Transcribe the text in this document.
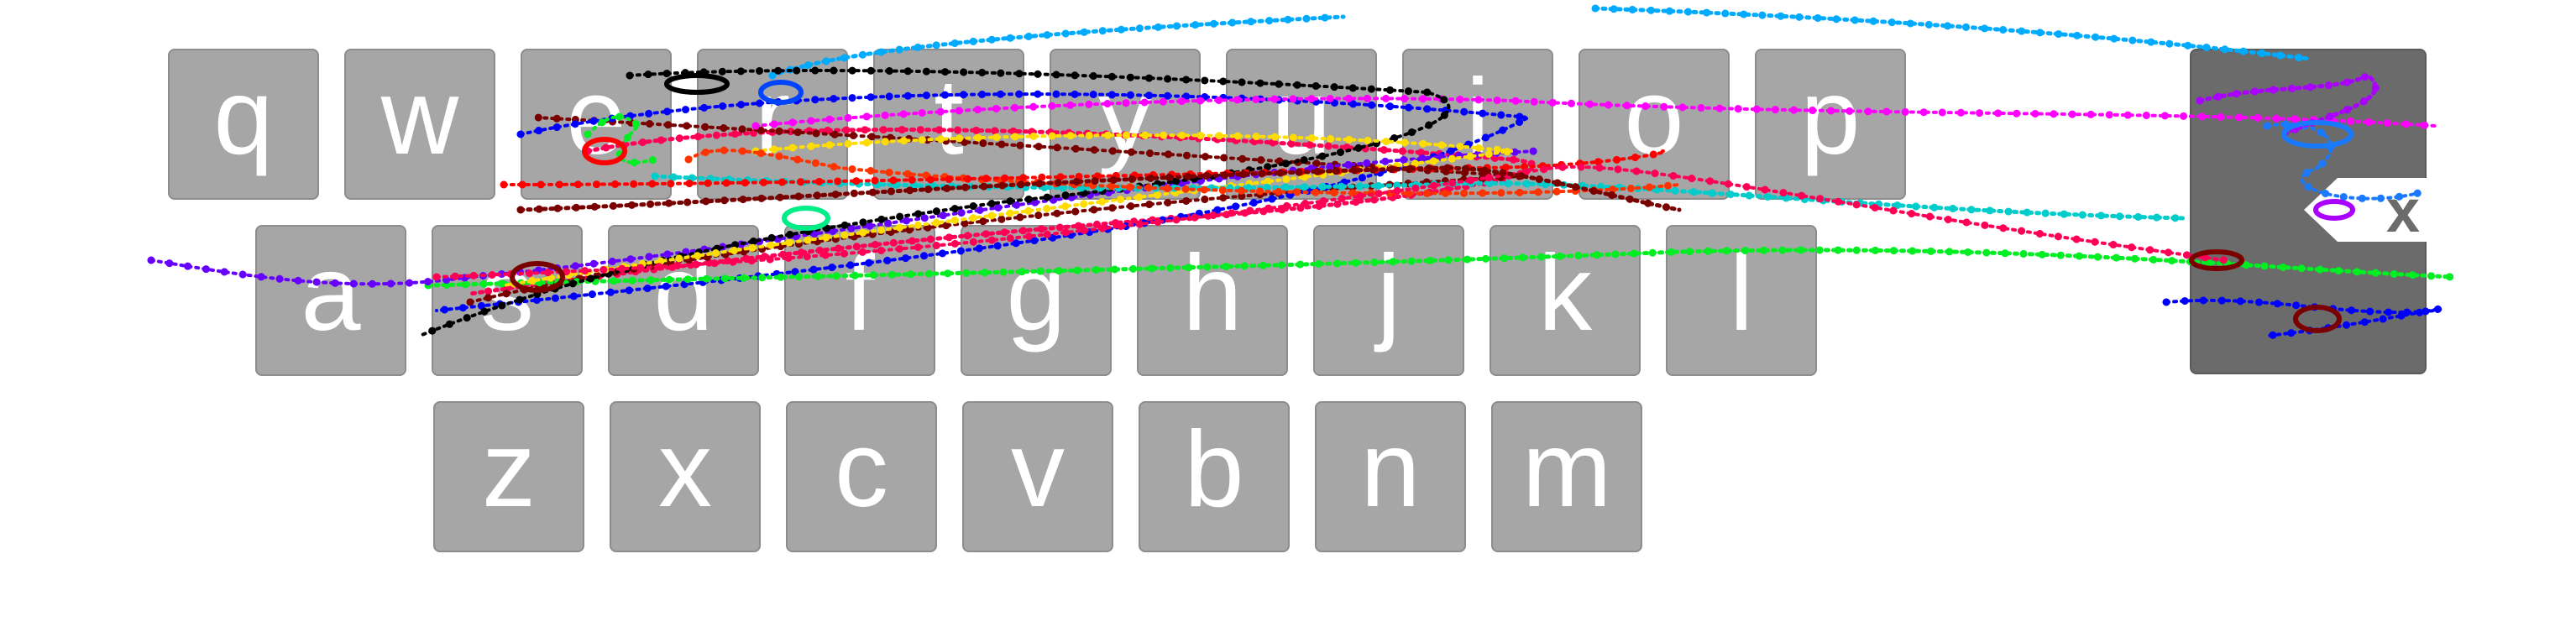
q w e r t y u i o p
a s d f g h j k l
z x c v b n m
x
